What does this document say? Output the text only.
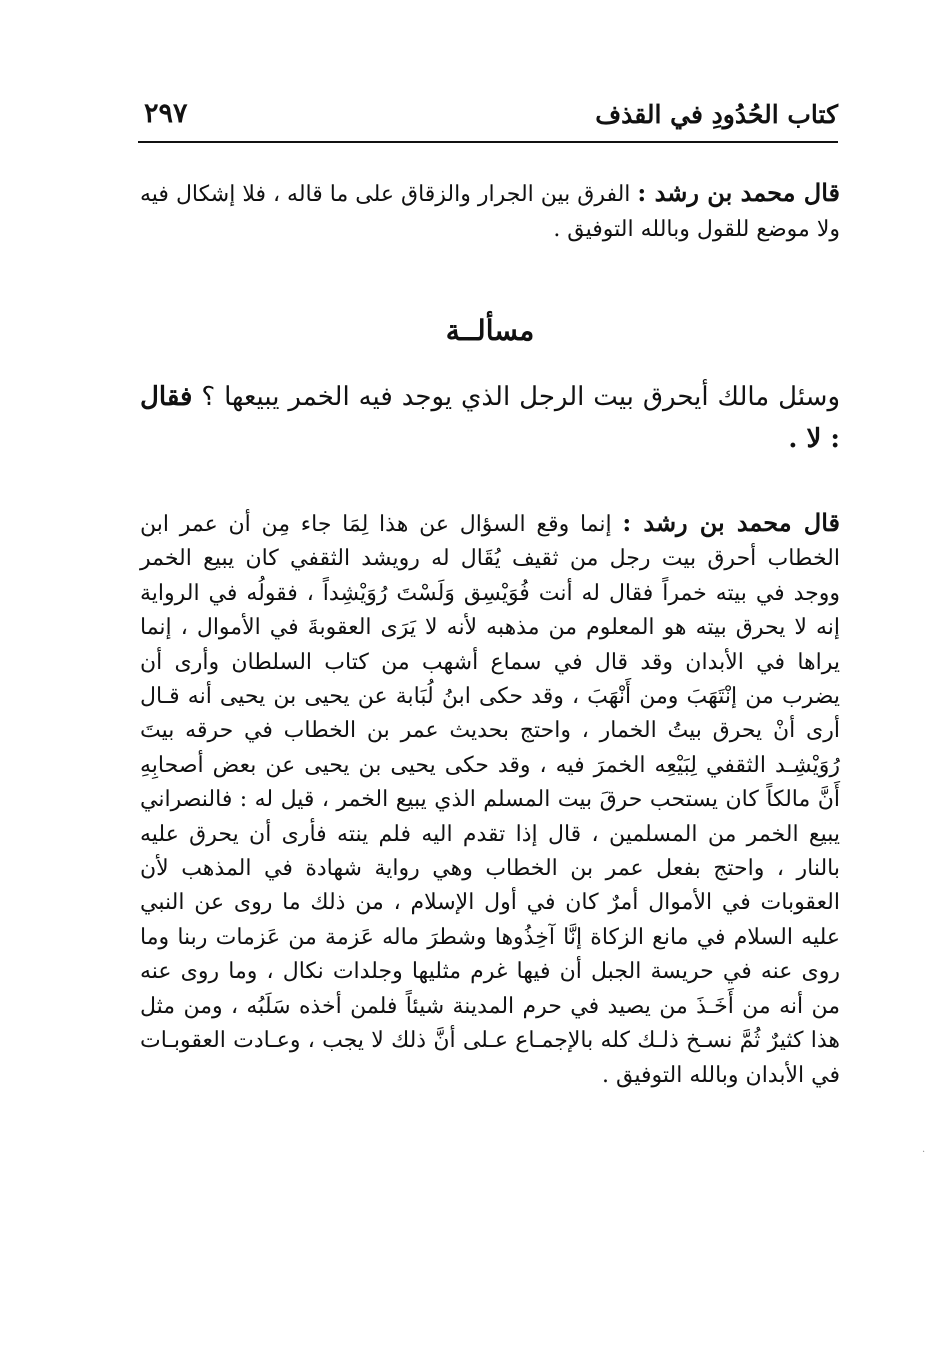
كتاب الحُدُودِ في القذف
٢٩٧
قال محمد بن رشد : الفرق بين الجرار والزقاق على ما قاله ، فلا إشكال فيه ولا موضع للقول وبالله التوفيق .
مسألــة
وسئل مالك أيحرق بيت الرجل الذي يوجد فيه الخمر يبيعها ؟ فقال : لا .
قال محمد بن رشد : إنما وقع السؤال عن هذا لِمَا جاء مِن أن عمر ابن الخطاب أحرق بيت رجل من ثقيف يُقَال له رويشد الثقفي كان يبيع الخمر ووجد في بيته خمراً فقال له أنت فُوَيْسِق وَلَسْتَ رُوَيْشِداً ، فقولُه في الرواية إنه لا يحرق بيته هو المعلوم من مذهبه لأنه لا يَرَى العقوبةَ في الأموال ، إنما يراها في الأبدان وقد قال في سماع أشهب من كتاب السلطان وأرى أن يضرب من إنْتَهَبَ ومن أَنْهَبَ ، وقد حكى ابنُ لُبَابة عن يحيى بن يحيى أنه قـال أرى أنْ يحرق بيتُ الخمار ، واحتج بحديث عمر بن الخطاب في حرقه بيتَ رُوَيْشِـد الثقفي لِبَيْعِه الخمرَ فيه ، وقد حكى يحيى بن يحيى عن بعض أصحابِهِ أَنَّ مالكاً كان يستحب حرقَ بيت المسلم الذي يبيع الخمر ، قيل له : فالنصراني يبيع الخمر من المسلمين ، قال إذا تقدم اليه فلم ينته فأرى أن يحرق عليه بالنار ، واحتج بفعل عمر بن الخطاب وهي رواية شهادة في المذهب لأن العقوبات في الأموال أمرٌ كان في أول الإسلام ، من ذلك ما روى عن النبي عليه السلام في مانع الزكاة إنَّا آخِذُوها وشطرَ ماله عَزمة من عَزمات ربنا وما روى عنه في حريسة الجبل أن فيها غرم مثليها وجلدات نكال ، وما روى عنه من أنه من أَخَـذَ من يصيد في حرم المدينة شيئاً فلمن أخذه سَلَبُه ، ومن مثل هذا كثيرٌ ثُمَّ نسـخ ذلـك كله بالإجمـاع عـلى أنَّ ذلك لا يجب ، وعـادت العقوبـات في الأبدان وبالله التوفيق .
·
